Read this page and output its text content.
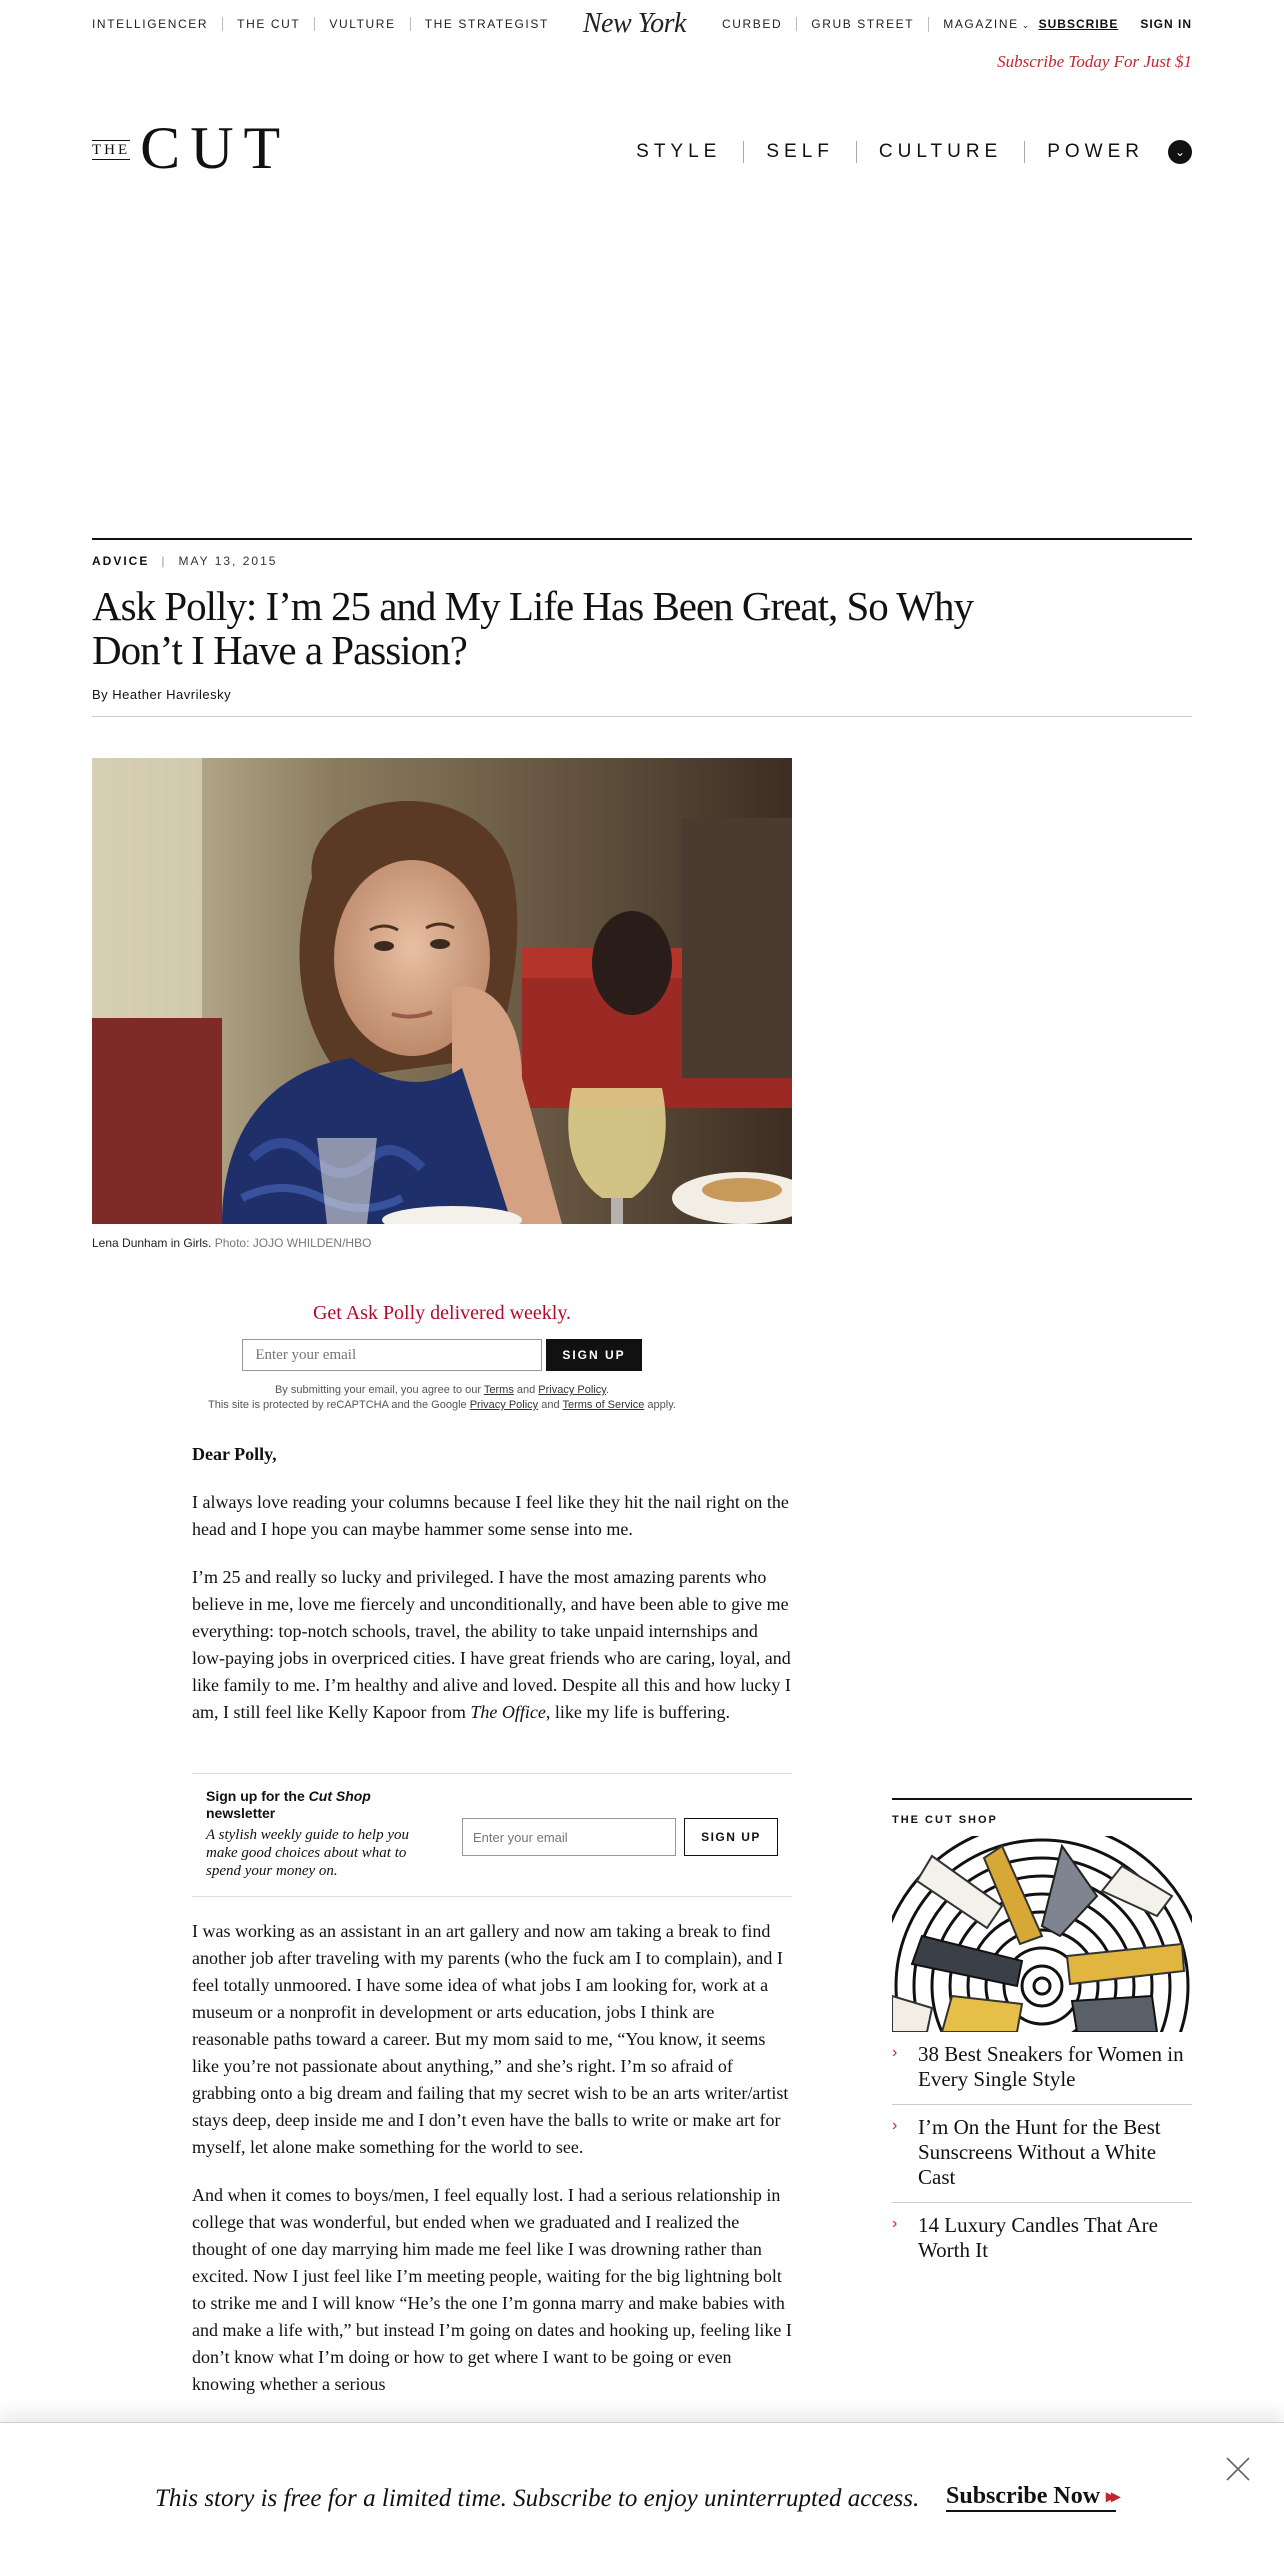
INTELLIGENCER	THE CUT	VULTURE	THE STRATEGIST	New York	CURBED	GRUB STREET	MAGAZINE ⌄ SUBSCRIBE SIGN IN
Subscribe Today For Just $1
THE CUT	STYLE	SELF	CULTURE	POWER	⌄
ADVICE | MAY 13, 2015
Ask Polly: I’m 25 and My Life Has Been Great, So Why Don’t I Have a Passion?
By Heather Havrilesky
Lena Dunham in Girls. Photo: JOJO WHILDEN/HBO
Get Ask Polly delivered weekly.
Enter your email
SIGN UP
By submitting your email, you agree to our Terms and Privacy Policy.
This site is protected by reCAPTCHA and the Google Privacy Policy and Terms of Service apply.

Dear Polly,

I always love reading your columns because I feel like they hit the nail right on the head and I hope you can maybe hammer some sense into me.

I’m 25 and really so lucky and privileged. I have the most amazing parents who believe in me, love me fiercely and unconditionally, and have been able to give me everything: top-notch schools, travel, the ability to take unpaid internships and low-paying jobs in overpriced cities. I have great friends who are caring, loyal, and like family to me. I’m healthy and alive and loved. Despite all this and how lucky I am, I still feel like Kelly Kapoor from The Office, like my life is buffering.

Sign up for the Cut Shop newsletter
A stylish weekly guide to help you make good choices about what to spend your money on.
Enter your email	SIGN UP

I was working as an assistant in an art gallery and now am taking a break to find another job after traveling with my parents (who the fuck am I to complain), and I feel totally unmoored. I have some idea of what jobs I am looking for, work at a museum or a nonprofit in development or arts education, jobs I think are reasonable paths toward a career. But my mom said to me, “You know, it seems like you’re not passionate about anything,” and she’s right. I’m so afraid of grabbing onto a big dream and failing that my secret wish to be an arts writer/artist stays deep, deep inside me and I don’t even have the balls to write or make art for myself, let alone make something for the world to see.

And when it comes to boys/men, I feel equally lost. I had a serious relationship in college that was wonderful, but ended when we graduated and I realized the thought of one day marrying him made me feel like I was drowning rather than excited. Now I just feel like I’m meeting people, waiting for the big lightning bolt to strike me and I will know “He’s the one I’m gonna marry and make babies with and make a life with,” but instead I’m going on dates and hooking up, feeling like I don’t know what I’m doing or how to get where I want to be going or even knowing whether a serious

THE CUT SHOP
› 38 Best Sneakers for Women in Every Single Style
› I’m On the Hunt for the Best Sunscreens Without a White Cast
› 14 Luxury Candles That Are Worth It
This story is free for a limited time. Subscribe to enjoy uninterrupted access. Subscribe Now ▸▸
